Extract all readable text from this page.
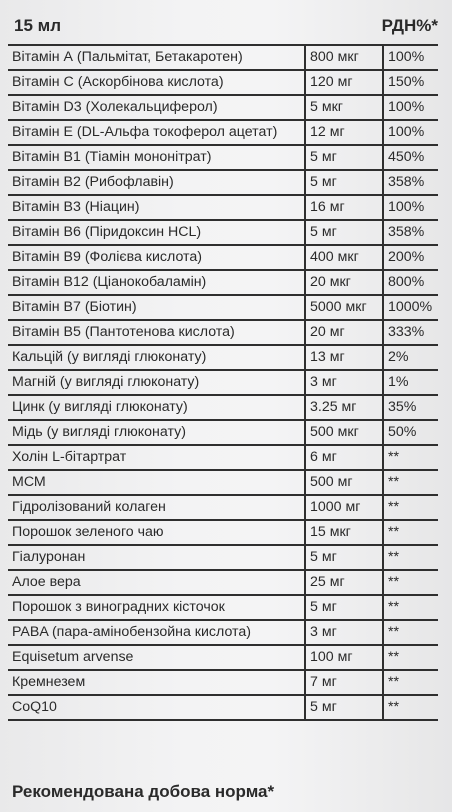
15 мл	РДН%*
Вітамін А (Пальмітат, Бетакаротен)	800 мкг	100%
Вітамін С (Аскорбінова кислота)	120 мг	150%
Вітамін D3 (Холекальциферол)	5 мкг	100%
Вітамін Е (DL-Альфа токоферол ацетат)	12 мг	100%
Вітамін В1 (Тіамін мононітрат)	5 мг	450%
Вітамін В2 (Рибофлавін)	5 мг	358%
Вітамін В3 (Ніацин)	16 мг	100%
Вітамін В6 (Піридоксин HCL)	5 мг	358%
Вітамін В9 (Фолієва кислота)	400 мкг	200%
Вітамін В12 (Ціанокобаламін)	20 мкг	800%
Вітамін В7 (Біотин)	5000 мкг	1000%
Вітамін В5 (Пантотенова кислота)	20 мг	333%
Кальцій (у вигляді глюконату)	13 мг	2%
Магній (у вигляді глюконату)	3 мг	1%
Цинк (у вигляді глюконату)	3.25 мг	35%
Мідь (у вигляді глюконату)	500 мкг	50%
Холін L-бітартрат	6 мг	**
МСМ	500 мг	**
Гідролізований колаген	1000 мг	**
Порошок зеленого чаю	15 мкг	**
Гіалуронан	5 мг	**
Алое вера	25 мг	**
Порошок з виноградних кісточок	5 мг	**
PABA (пара-амінобензойна кислота)	3 мг	**
Equisetum arvense	100 мг	**
Кремнезем	7 мг	**
CoQ10	5 мг	**
Рекомендована добова норма*
